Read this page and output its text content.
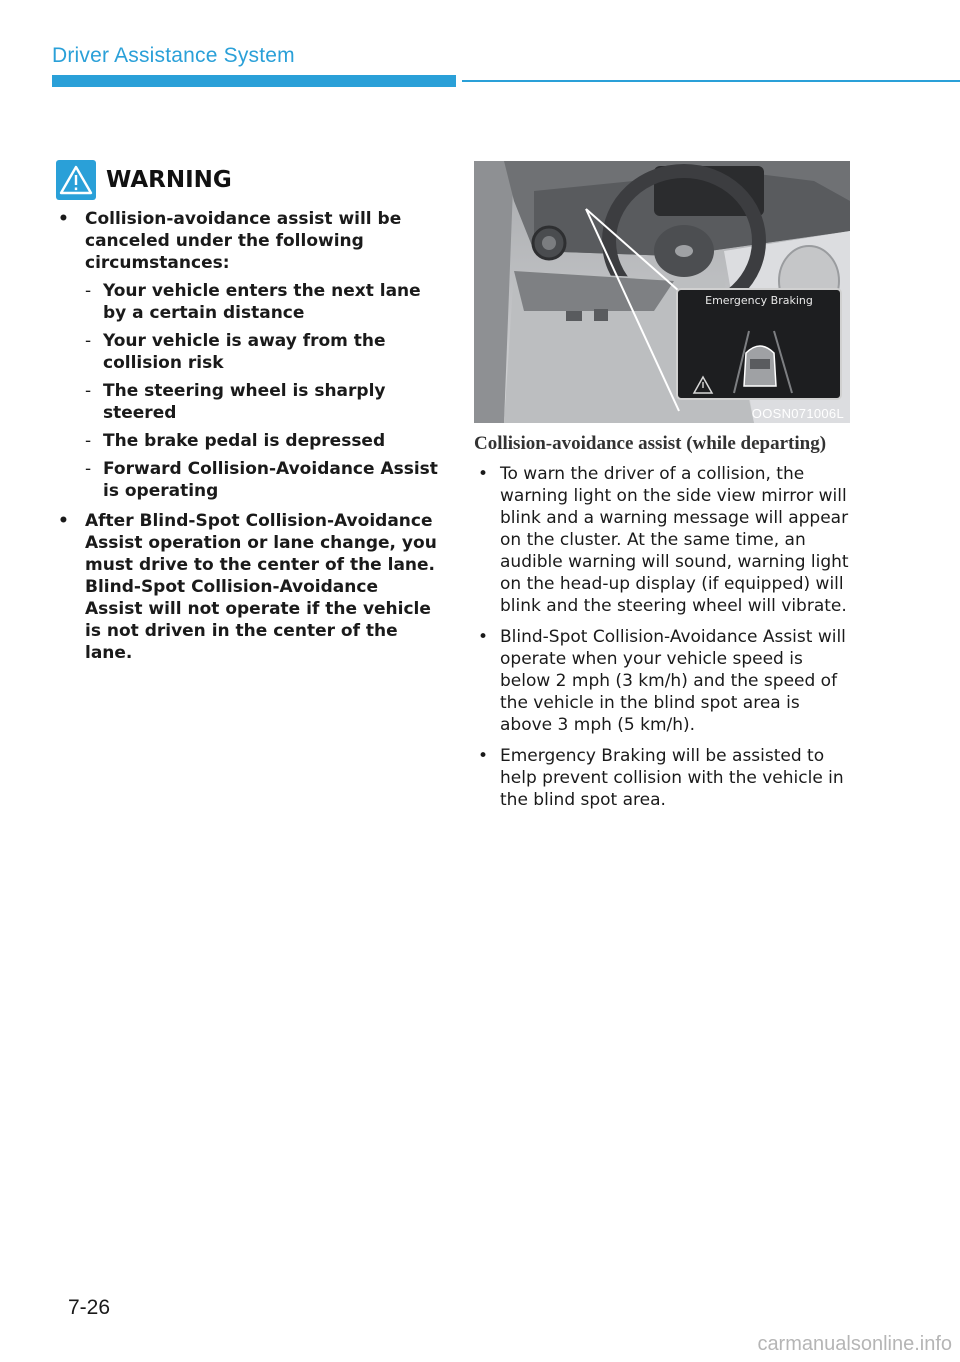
Driver Assistance System
WARNING
• Collision-avoidance assist will be canceled under the following circumstances:
- Your vehicle enters the next lane by a certain distance
- Your vehicle is away from the collision risk
- The steering wheel is sharply steered
- The brake pedal is depressed
- Forward Collision-Avoidance Assist is operating
• After Blind-Spot Collision-Avoidance Assist operation or lane change, you must drive to the center of the lane. Blind-Spot Collision-Avoidance Assist will not operate if the vehicle is not driven in the center of the lane.
Emergency Braking
OOSN071006L
Collision-avoidance assist (while departing)
• To warn the driver of a collision, the warning light on the side view mirror will blink and a warning message will appear on the cluster. At the same time, an audible warning will sound, warning light on the head-up display (if equipped) will blink and the steering wheel will vibrate.
• Blind-Spot Collision-Avoidance Assist will operate when your vehicle speed is below 2 mph (3 km/h) and the speed of the vehicle in the blind spot area is above 3 mph (5 km/h).
• Emergency Braking will be assisted to help prevent collision with the vehicle in the blind spot area.
7-26
carmanualsonline.info
